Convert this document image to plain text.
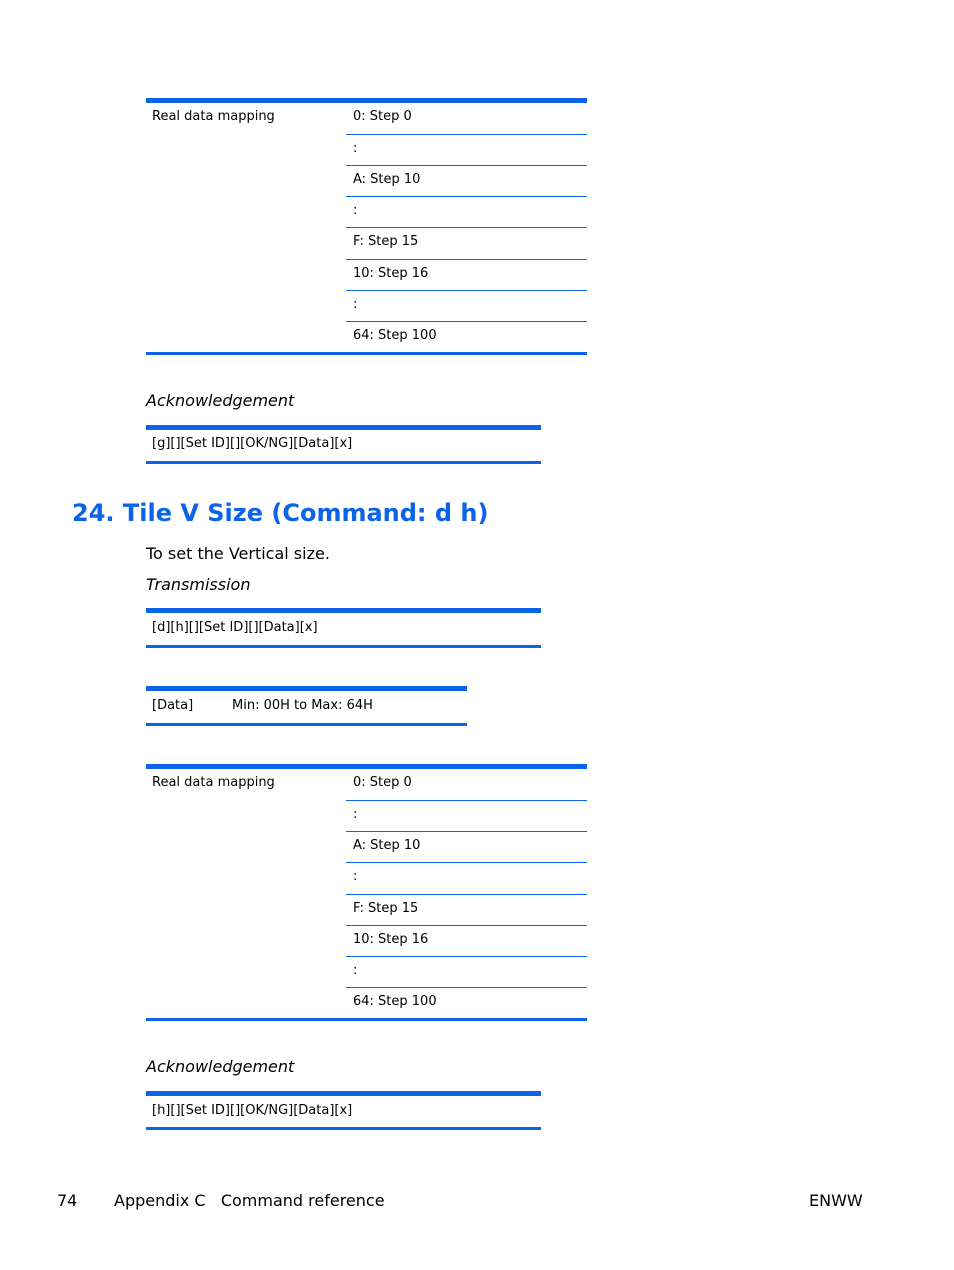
Real data mapping	0: Step 0
:
A: Step 10
:
F: Step 15
10: Step 16
:
64: Step 100
Acknowledgement
[g][][Set ID][][OK/NG][Data][x]
24. Tile V Size (Command: d h)
To set the Vertical size.
Transmission
[d][h][][Set ID][][Data][x]
[Data]	Min: 00H to Max: 64H
Real data mapping	0: Step 0
:
A: Step 10
:
F: Step 15
10: Step 16
:
64: Step 100
Acknowledgement
[h][][Set ID][][OK/NG][Data][x]
74 Appendix C   Command reference	ENWW
